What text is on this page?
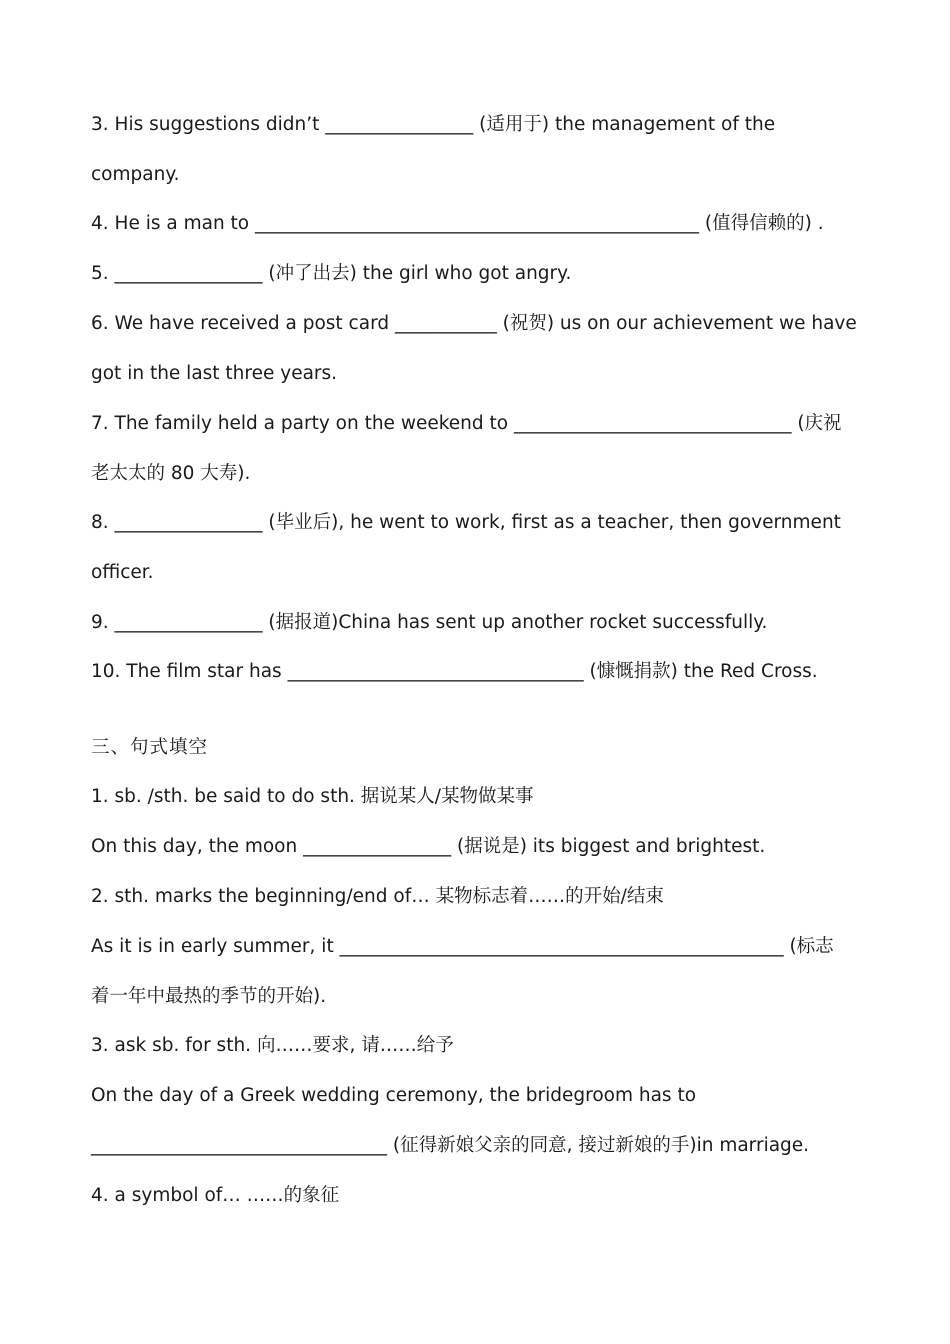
3. His suggestions didn’t ________________ (适用于) the management of the
company.
4. He is a man to ________________________________________________ (值得信赖的) .
5. ________________ (冲了出去) the girl who got angry.
6. We have received a post card ___________ (祝贺) us on our achievement we have
got in the last three years.
7. The family held a party on the weekend to ______________________________ (庆祝
老太太的 80 大寿).
8. ________________ (毕业后), he went to work, first as a teacher, then government
officer.
9. ________________ (据报道)China has sent up another rocket successfully.
10. The film star has ________________________________ (慷慨捐款) the Red Cross.
三、句式填空
1. sb. /sth. be said to do sth. 据说某人/某物做某事
On this day, the moon ________________ (据说是) its biggest and brightest.
2. sth. marks the beginning/end of… 某物标志着……的开始/结束
As it is in early summer, it ________________________________________________ (标志
着一年中最热的季节的开始).
3. ask sb. for sth. 向……要求, 请……给予
On the day of a Greek wedding ceremony, the bridegroom has to
________________________________ (征得新娘父亲的同意, 接过新娘的手)in marriage.
4. a symbol of… ……的象征
